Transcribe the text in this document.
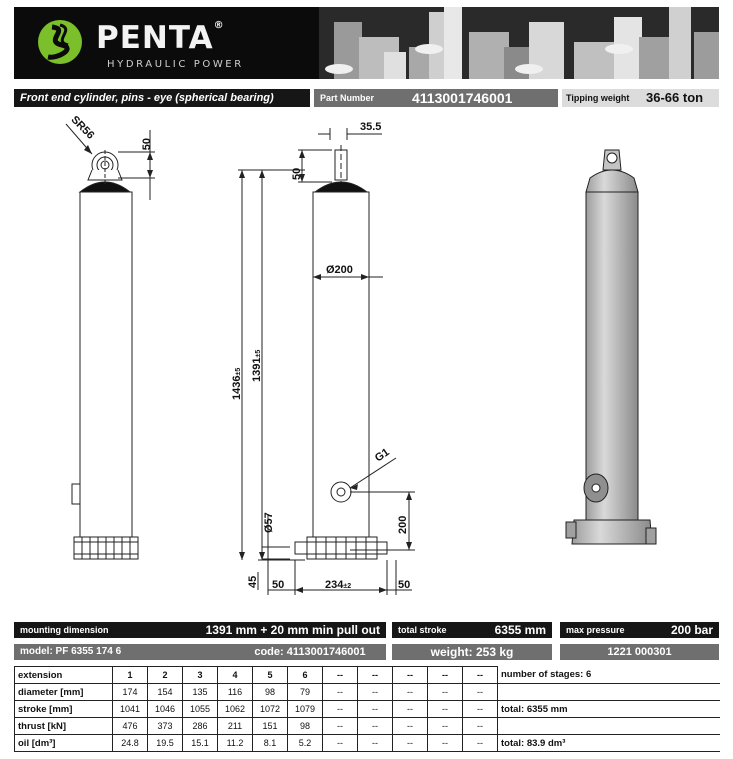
PENTA®
HYDRAULIC POWER
Front end cylinder, pins - eye (spherical bearing)	Part Number	4113001746001	Tipping weight	36-66 ton
SR56
50
35.5
50
Ø200
1436±5 1391±5
G1
Ø57	200
45 50	234±2	50
mounting dimension	1391 mm + 20 mm min pull out	total stroke	6355 mm	max pressure	200 bar
model: PF 6355 174 6	code: 4113001746001	weight: 253 kg	1221 000301
extension	1	2	3	4	5	6	--	--	--	--	--	number of stages: 6
diameter [mm]	174	154	135	116	98	79	--	--	--	--	--	
stroke [mm]	1041	1046	1055	1062	1072	1079	--	--	--	--	--	total: 6355 mm
thrust [kN]	476	373	286	211	151	98	--	--	--	--	--	
oil [dm³]	24.8	19.5	15.1	11.2	8.1	5.2	--	--	--	--	--	total: 83.9 dm³
